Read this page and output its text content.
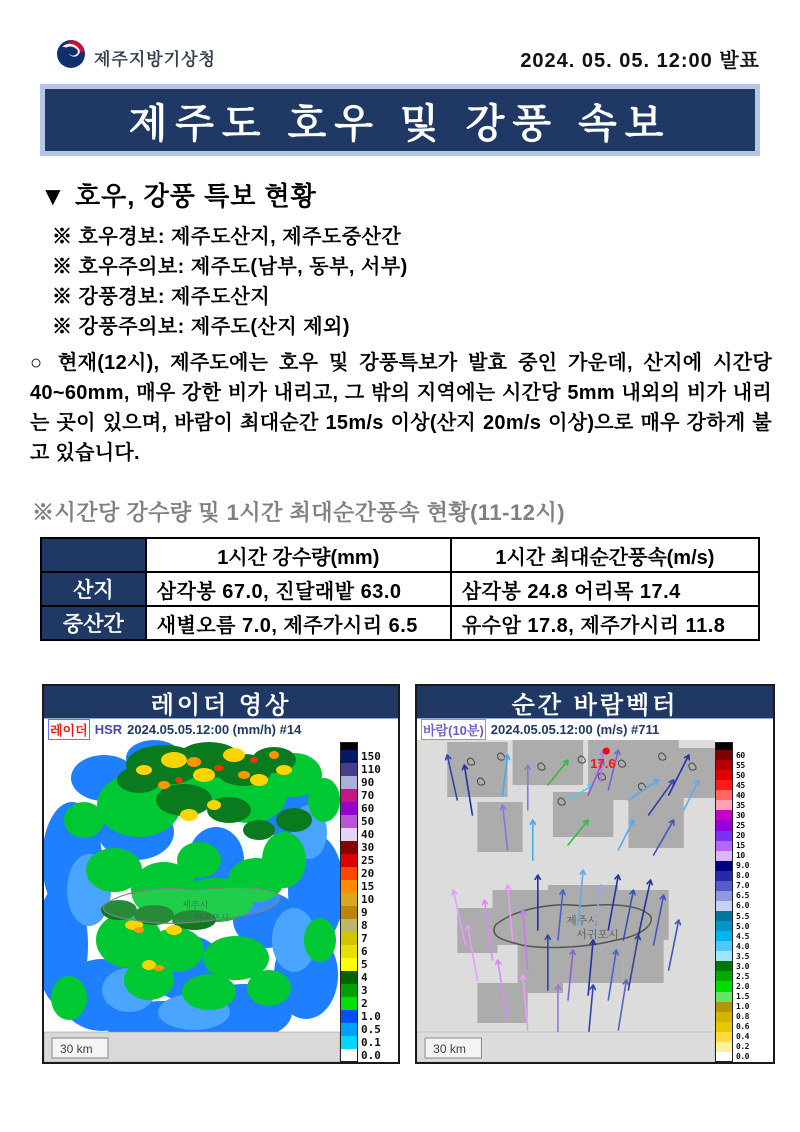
제주지방기상청	2024. 05. 05. 12:00 발표
제주도 호우 및 강풍 속보
▼ 호우, 강풍 특보 현황
※ 호우경보: 제주도산지, 제주도중산간
※ 호우주의보: 제주도(남부, 동부, 서부)
※ 강풍경보: 제주도산지
※ 강풍주의보: 제주도(산지 제외)

○ 현재(12시), 제주도에는 호우 및 강풍특보가 발효 중인 가운데, 산지에 시간당 40~60mm, 매우 강한 비가 내리고, 그 밖의 지역에는 시간당 5mm 내외의 비가 내리는 곳이 있으며, 바람이 최대순간 15m/s 이상(산지 20m/s 이상)으로 매우 강하게 불고 있습니다.

※시간당 강수량 및 1시간 최대순간풍속 현황(11-12시)
	1시간 강수량(mm)	1시간 최대순간풍속(m/s)
산지	삼각봉 67.0, 진달래밭 63.0	삼각봉 24.8 어리목 17.4
중산간	새별오름 7.0, 제주가시리 6.5	유수암 17.8, 제주가시리 11.8
레이더 영상
레이더 HSR 2024.05.05.12:00 (mm/h) #14
제주시
서귀포시
30 km
150
110
90
70
60
50
40
30
25
20
15
10
9
8
7
6
5
4
3
2
1.0
0.5
0.1
0.0
순간 바람벡터
바람(10분) 2024.05.05.12:00 (m/s) #711
제주시
서귀포시
17.6
30 km
60
55
50
45
40
35
30
25
20
15
10
9.0
8.0
7.0
6.5
6.0
5.5
5.0
4.5
4.0
3.5
3.0
2.5
2.0
1.5
1.0
0.8
0.6
0.4
0.2
0.0
